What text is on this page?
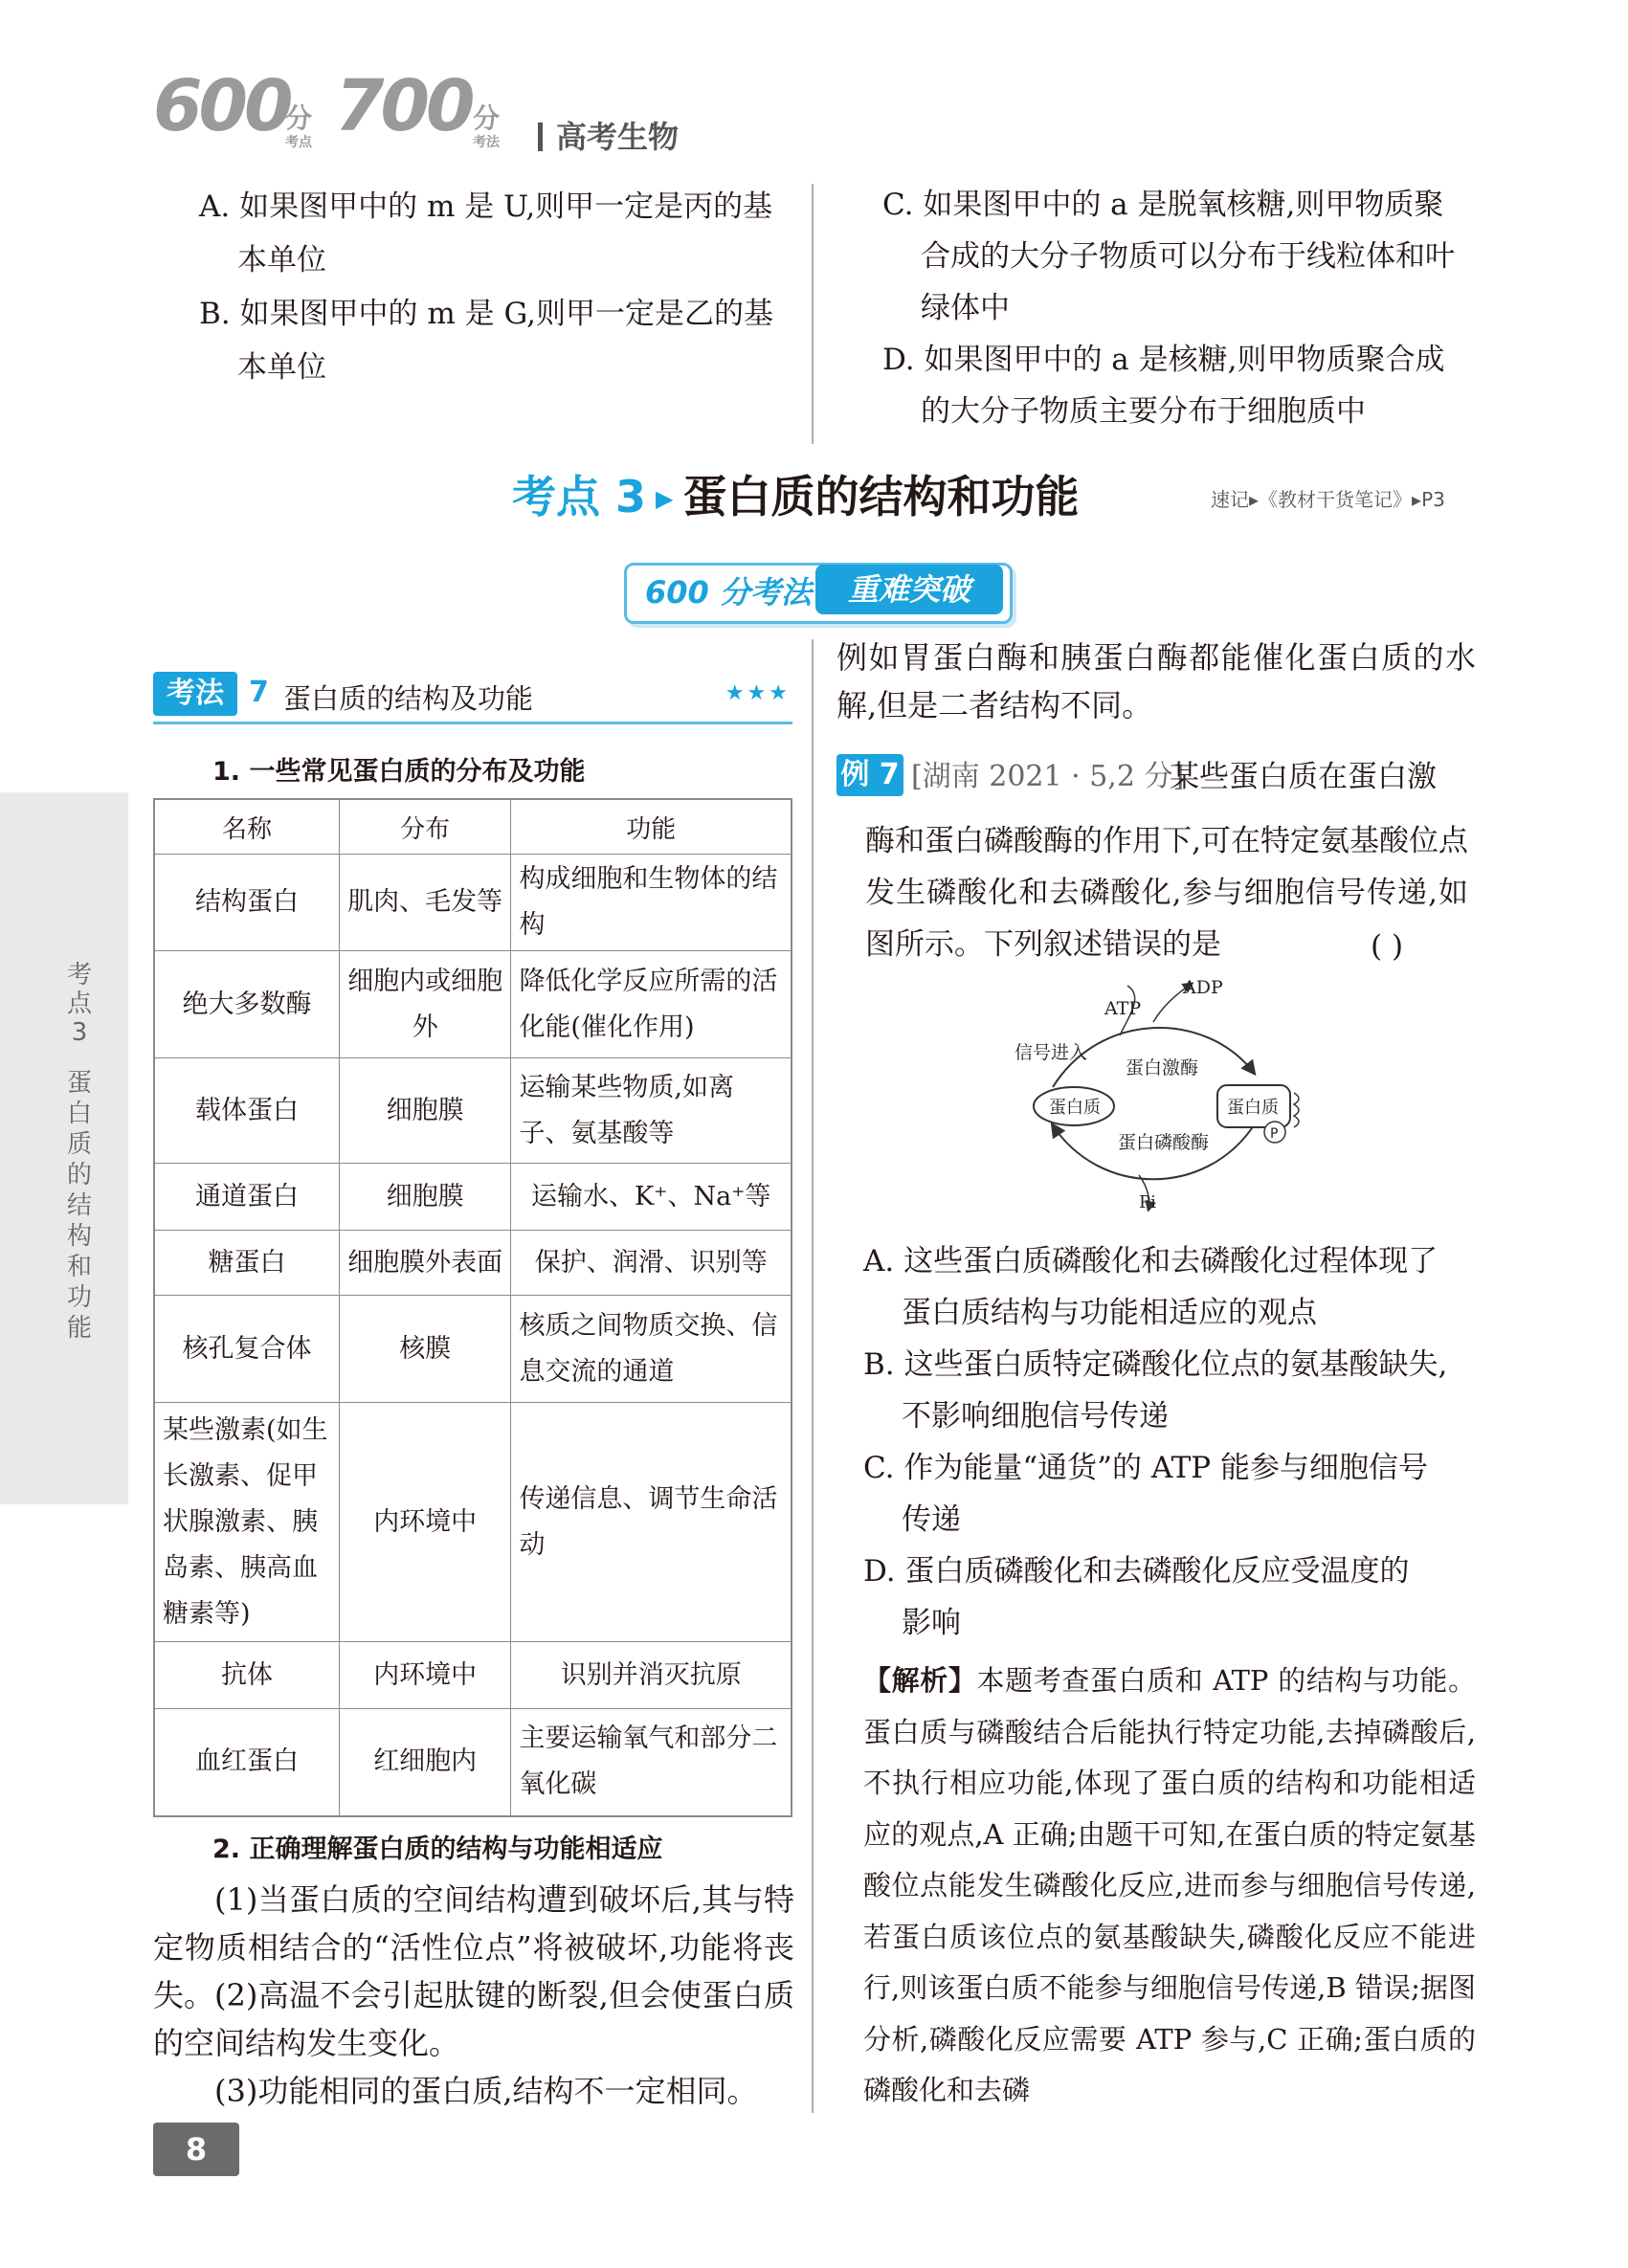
600
分
考点 700 分
考法	高考生物
A. 如果图甲中的 m 是 U,则甲一定是丙的基
本单位
B. 如果图甲中的 m 是 G,则甲一定是乙的基
本单位
C. 如果图甲中的 a 是脱氧核糖,则甲物质聚
合成的大分子物质可以分布于线粒体和叶
绿体中
D. 如果图甲中的 a 是核糖,则甲物质聚合成
的大分子物质主要分布于细胞质中
考点 3 ▶ 蛋白质的结构和功能	速记▸《教材干货笔记》▸P3
600 分考法	重难突破
考法 7 蛋白质的结构及功能	★★★
1. 一些常见蛋白质的分布及功能
名称	分布	功能
结构蛋白	肌肉、毛发等	构成细胞和生物体的结构
绝大多数酶	细胞内或细胞外	降低化学反应所需的活化能(催化作用)
载体蛋白	细胞膜	运输某些物质,如离子、氨基酸等
通道蛋白	细胞膜	运输水、K⁺、Na⁺等
糖蛋白	细胞膜外表面	保护、润滑、识别等
核孔复合体	核膜	核质之间物质交换、信息交流的通道
某些激素(如生长激素、促甲状腺激素、胰岛素、胰高血糖素等)	内环境中	传递信息、调节生命活动
抗体	内环境中	识别并消灭抗原
血红蛋白	红细胞内	主要运输氧气和部分二氧化碳
2. 正确理解蛋白质的结构与功能相适应
(1)当蛋白质的空间结构遭到破坏后,其与特定物质相结合的“活性位点”将被破坏,功能将丧失。 (2)高温不会引起肽键的断裂,但会使蛋白质的空间结构发生变化。
(3)功能相同的蛋白质,结构不一定相同。
例如胃蛋白酶和胰蛋白酶都能催化蛋白质的水解,但是二者结构不同。
例 7 [湖南 2021 · 5,2 分]
某些蛋白质在蛋白激
酶和蛋白磷酸酶的作用下,可在特定氨基酸位点发生磷酸化和去磷酸化,参与细胞信号传递,如图所示。下列叙述错误的是	( )
ATP
ADP
信号进入
蛋白激酶
蛋白磷酸酶
蛋白质	蛋白质
P
Pi
A. 这些蛋白质磷酸化和去磷酸化过程体现了
蛋白质结构与功能相适应的观点
B. 这些蛋白质特定磷酸化位点的氨基酸缺失,
不影响细胞信号传递
C. 作为能量“通货”的 ATP 能参与细胞信号
传递
D. 蛋白质磷酸化和去磷酸化反应受温度的
影响
【解析】本题考查蛋白质和 ATP 的结构与功能。蛋白质与磷酸结合后能执行特定功能,去掉磷酸后,不执行相应功能,体现了蛋白质的结构和功能相适应的观点,A 正确;由题干可知,在蛋白质的特定氨基酸位点能发生磷酸化反应,进而参与细胞信号传递,若蛋白质该位点的氨基酸缺失,磷酸化反应不能进行,则该蛋白质不能参与细胞信号传递,B 错误;据图分析,磷酸化反应需要 ATP 参与,C 正确;蛋白质的磷酸化和去磷
考点3
蛋白质的结构和功能
8
